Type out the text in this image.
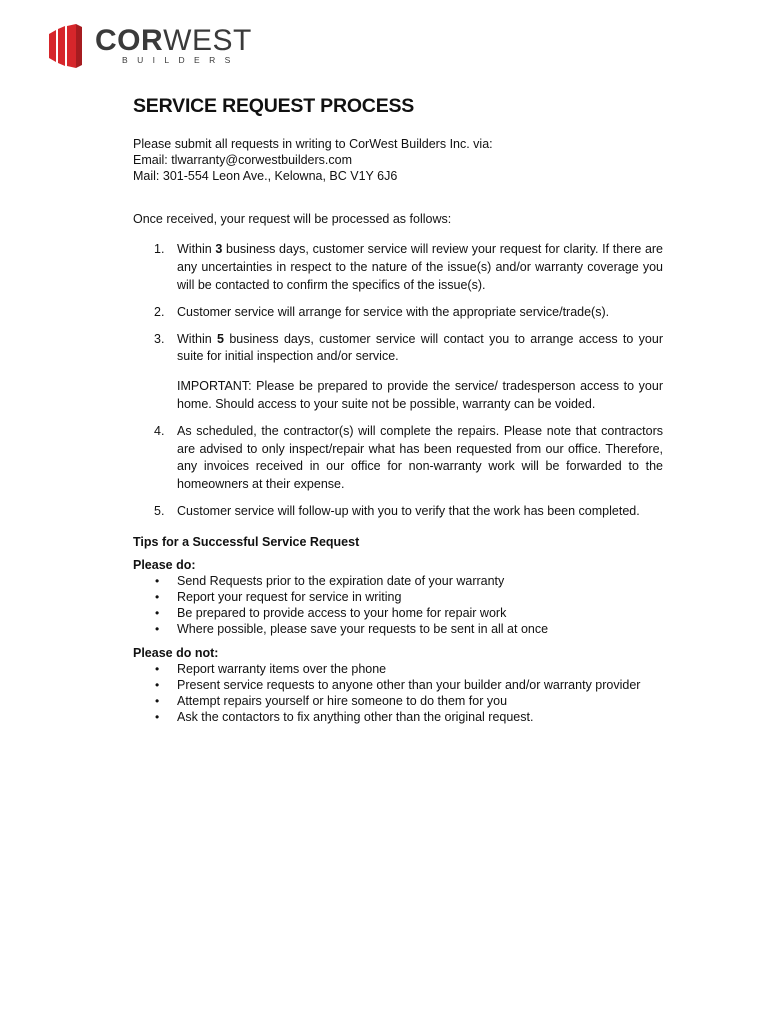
CORWEST
BUILDERS
SERVICE REQUEST PROCESS
Please submit all requests in writing to CorWest Builders Inc. via:
Email: tlwarranty@corwestbuilders.com
Mail: 301-554 Leon Ave., Kelowna, BC V1Y 6J6
Once received, your request will be processed as follows:
1. Within 3 business days, customer service will review your request for clarity. If there are any uncertainties in respect to the nature of the issue(s) and/or warranty coverage you will be contacted to confirm the specifics of the issue(s).
2. Customer service will arrange for service with the appropriate service/trade(s).
3. Within 5 business days, customer service will contact you to arrange access to your suite for initial inspection and/or service.
IMPORTANT: Please be prepared to provide the service/ tradesperson access to your home. Should access to your suite not be possible, warranty can be voided.
4. As scheduled, the contractor(s) will complete the repairs. Please note that contractors are advised to only inspect/repair what has been requested from our office. Therefore, any invoices received in our office for non-warranty work will be forwarded to the homeowners at their expense.
5. Customer service will follow-up with you to verify that the work has been completed.
Tips for a Successful Service Request
Please do:
• Send Requests prior to the expiration date of your warranty
• Report your request for service in writing
• Be prepared to provide access to your home for repair work
• Where possible, please save your requests to be sent in all at once
Please do not:
• Report warranty items over the phone
• Present service requests to anyone other than your builder and/or warranty provider
• Attempt repairs yourself or hire someone to do them for you
• Ask the contactors to fix anything other than the original request.
